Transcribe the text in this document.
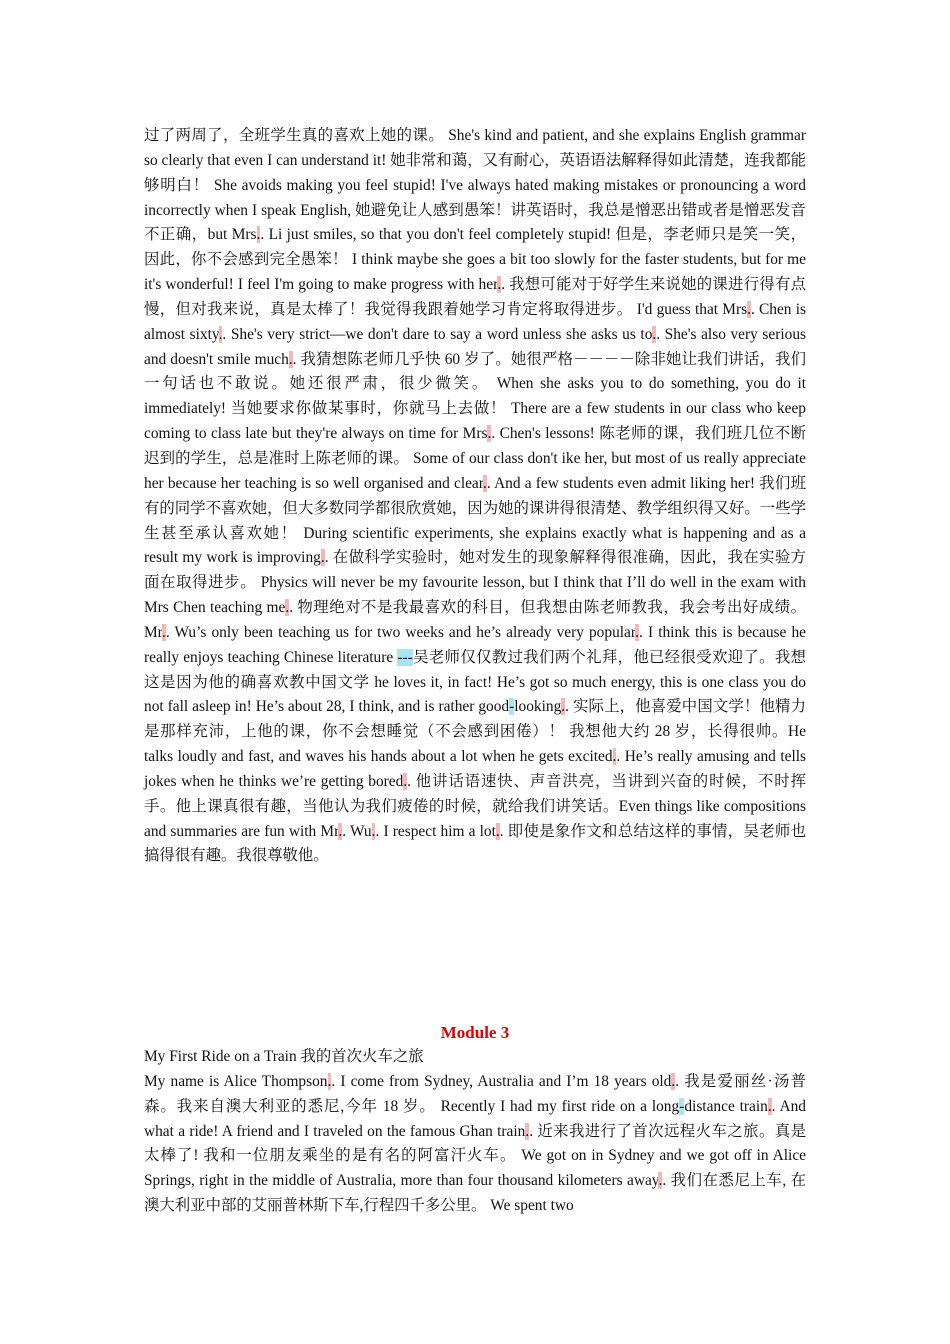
过了两周了，全班学生真的喜欢上她的课。 She's kind and patient, and she explains English grammar so clearly that even I can understand it! 她非常和蔼，又有耐心，英语语法解释得如此清楚，连我都能够明白！ She avoids making you feel stupid! I've always hated making mistakes or pronouncing a word incorrectly when I speak English, 她避免让人感到愚笨！讲英语时，我总是憎恶出错或者是憎恶发音不正确，but Mrs.. Li just smiles, so that you don't feel completely stupid! 但是，李老师只是笑一笑，因此，你不会感到完全愚笨！ I think maybe she goes a bit too slowly for the faster students, but for me it's wonderful! I feel I'm going to make progress with her.. 我想可能对于好学生来说她的课进行得有点慢，但对我来说，真是太棒了！我觉得我跟着她学习肯定将取得进步。 I'd guess that Mrs.. Chen is almost sixty.. She's very strict—we don't dare to say a word unless she asks us to.. She's also very serious and doesn't smile much.. 我猜想陈老师几乎快 60 岁了。她很严格－－－－除非她让我们讲话，我们一句话也不敢说。她还很严肃，很少微笑。 When she asks you to do something, you do it immediately! 当她要求你做某事时，你就马上去做！ There are a few students in our class who keep coming to class late but they're always on time for Mrs.. Chen's lessons! 陈老师的课，我们班几位不断迟到的学生，总是准时上陈老师的课。 Some of our class don't ike her, but most of us really appreciate her because her teaching is so well organised and clear.. And a few students even admit liking her! 我们班有的同学不喜欢她，但大多数同学都很欣赏她，因为她的课讲得很清楚、教学组织得又好。一些学生甚至承认喜欢她！ During scientific experiments, she explains exactly what is happening and as a result my work is improving.. 在做科学实验时，她对发生的现象解释得很准确，因此，我在实验方面在取得进步。 Physics will never be my favourite lesson, but I think that I’ll do well in the exam with Mrs Chen teaching me.. 物理绝对不是我最喜欢的科目，但我想由陈老师教我，我会考出好成绩。Mr.. Wu’s only been teaching us for two weeks and he’s already very popular.. I think this is because he really enjoys teaching Chinese literature ---吴老师仅仅教过我们两个礼拜，他已经很受欢迎了。我想这是因为他的确喜欢教中国文学 he loves it, in fact! He’s got so much energy, this is one class you do not fall asleep in! He’s about 28, I think, and is rather good-looking.. 实际上，他喜爱中国文学！他精力是那样充沛，上他的课，你不会想睡觉（不会感到困倦）！ 我想他大约 28 岁，长得很帅。He talks loudly and fast, and waves his hands about a lot when he gets excited.. He’s really amusing and tells jokes when he thinks we’re getting bored.. 他讲话语速快、声音洪亮，当讲到兴奋的时候，不时挥手。他上课真很有趣，当他认为我们疲倦的时候，就给我们讲笑话。Even things like compositions and summaries are fun with Mr.. Wu.. I respect him a lot.. 即使是象作文和总结这样的事情，吴老师也搞得很有趣。我很尊敬他。

Module 3

My First Ride on a Train 我的首次火车之旅

My name is Alice Thompson.. I come from Sydney, Australia and I’m 18 years old.. 我是爱丽丝·汤普森。我来自澳大利亚的悉尼,今年 18 岁。 Recently I had my first ride on a long-distance train.. And what a ride! A friend and I traveled on the famous Ghan train.. 近来我进行了首次远程火车之旅。真是太棒了! 我和一位朋友乘坐的是有名的阿富汗火车。 We got on in Sydney and we got off in Alice Springs, right in the middle of Australia, more than four thousand kilometers away.. 我们在悉尼上车, 在澳大利亚中部的艾丽普林斯下车,行程四千多公里。 We spent two
